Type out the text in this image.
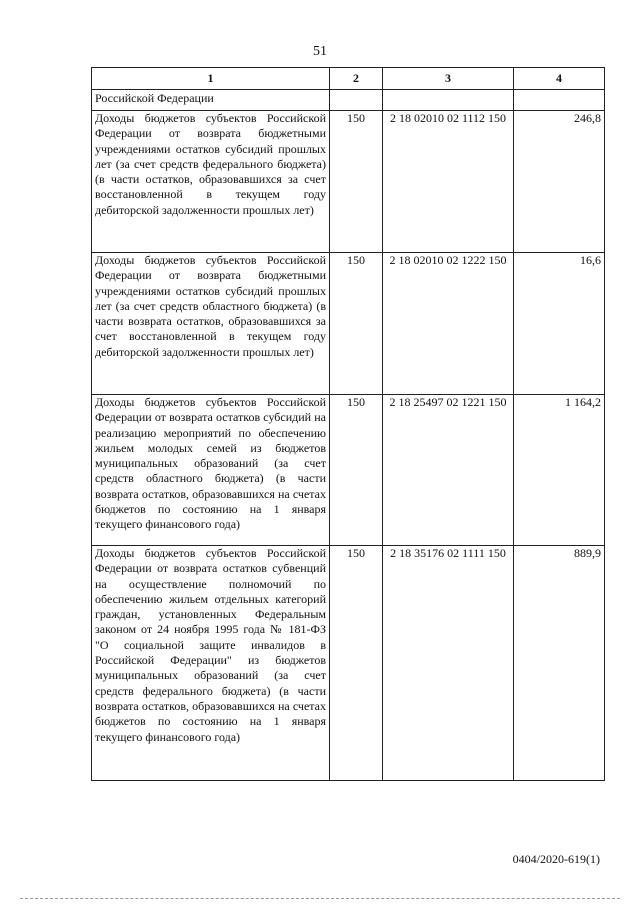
51
1	2	3	4
Российской Федерации			
Доходы бюджетов субъектов Российской Федерации от возврата бюджетными учреждениями остатков субсидий прошлых лет (за счет средств федерального бюджета) (в части остатков, образовавшихся за счет восстановленной в текущем году дебиторской задолженности прошлых лет)	150	2 18 02010 02 1112 150	246,8
Доходы бюджетов субъектов Российской Федерации от возврата бюджетными учреждениями остатков субсидий прошлых лет (за счет средств областного бюджета) (в части возврата остатков, образовавшихся за счет восстановленной в текущем году дебиторской задолженности прошлых лет)	150	2 18 02010 02 1222 150	16,6
Доходы бюджетов субъектов Российской Федерации от возврата остатков субсидий на реализацию мероприятий по обеспечению жильем молодых семей из бюджетов муниципальных образований (за счет средств областного бюджета) (в части возврата остатков, образовавшихся на счетах бюджетов по состоянию на 1 января текущего финансового года)	150	2 18 25497 02 1221 150	1 164,2
Доходы бюджетов субъектов Российской Федерации от возврата остатков субвенций на осуществление полномочий по обеспечению жильем отдельных категорий граждан, установленных Федеральным законом от 24 ноября 1995 года № 181-ФЗ "О социальной защите инвалидов в Российской Федерации" из бюджетов муниципальных образований (за счет средств федерального бюджета) (в части возврата остатков, образовавшихся на счетах бюджетов по состоянию на 1 января текущего финансового года)	150	2 18 35176 02 1111 150	889,9
0404/2020-619(1)
